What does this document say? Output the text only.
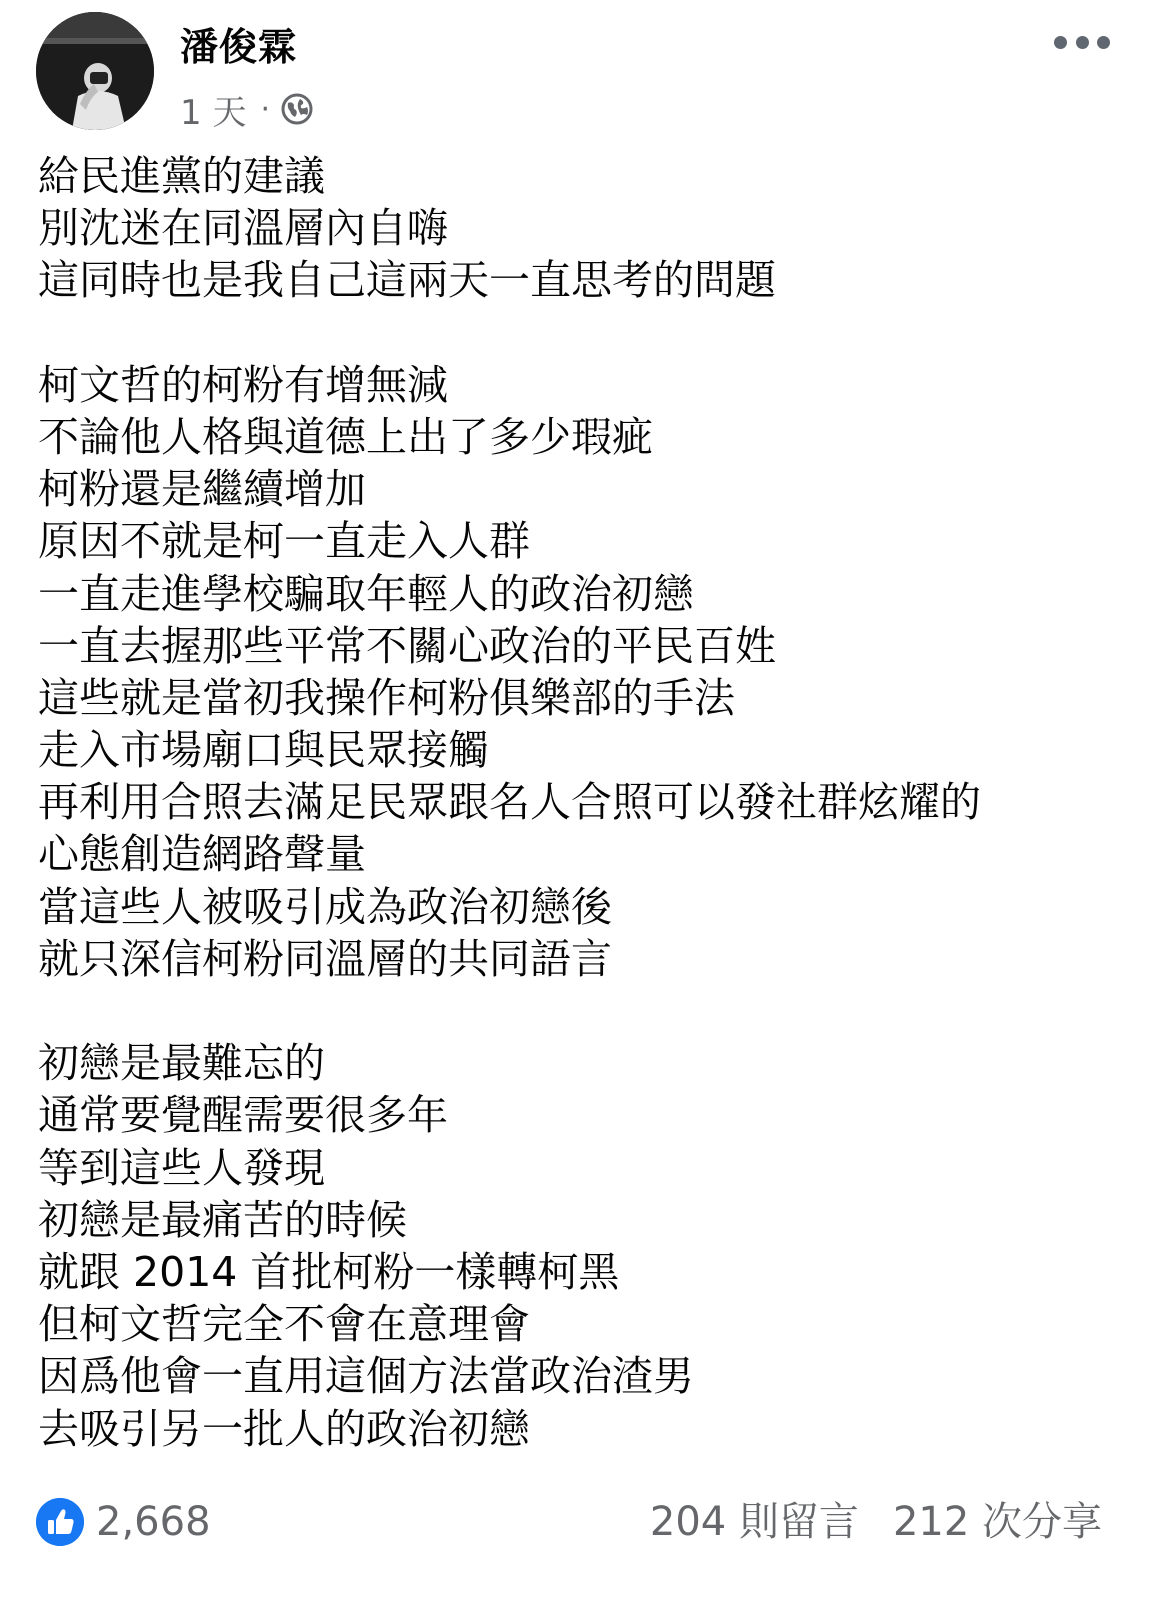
潘俊霖
1 天 ·
給民進黨的建議
別沈迷在同溫層內自嗨
這同時也是我自己這兩天一直思考的問題
柯文哲的柯粉有增無減
不論他人格與道德上出了多少瑕疵
柯粉還是繼續增加
原因不就是柯一直走入人群
一直走進學校騙取年輕人的政治初戀
一直去握那些平常不關心政治的平民百姓
這些就是當初我操作柯粉俱樂部的手法
走入市場廟口與民眾接觸
再利用合照去滿足民眾跟名人合照可以發社群炫耀的
心態創造網路聲量
當這些人被吸引成為政治初戀後
就只深信柯粉同溫層的共同語言
初戀是最難忘的
通常要覺醒需要很多年
等到這些人發現
初戀是最痛苦的時候
就跟 2014 首批柯粉一樣轉柯黑
但柯文哲完全不會在意理會
因爲他會一直用這個方法當政治渣男
去吸引另一批人的政治初戀
2,668	204 則留言 212 次分享
